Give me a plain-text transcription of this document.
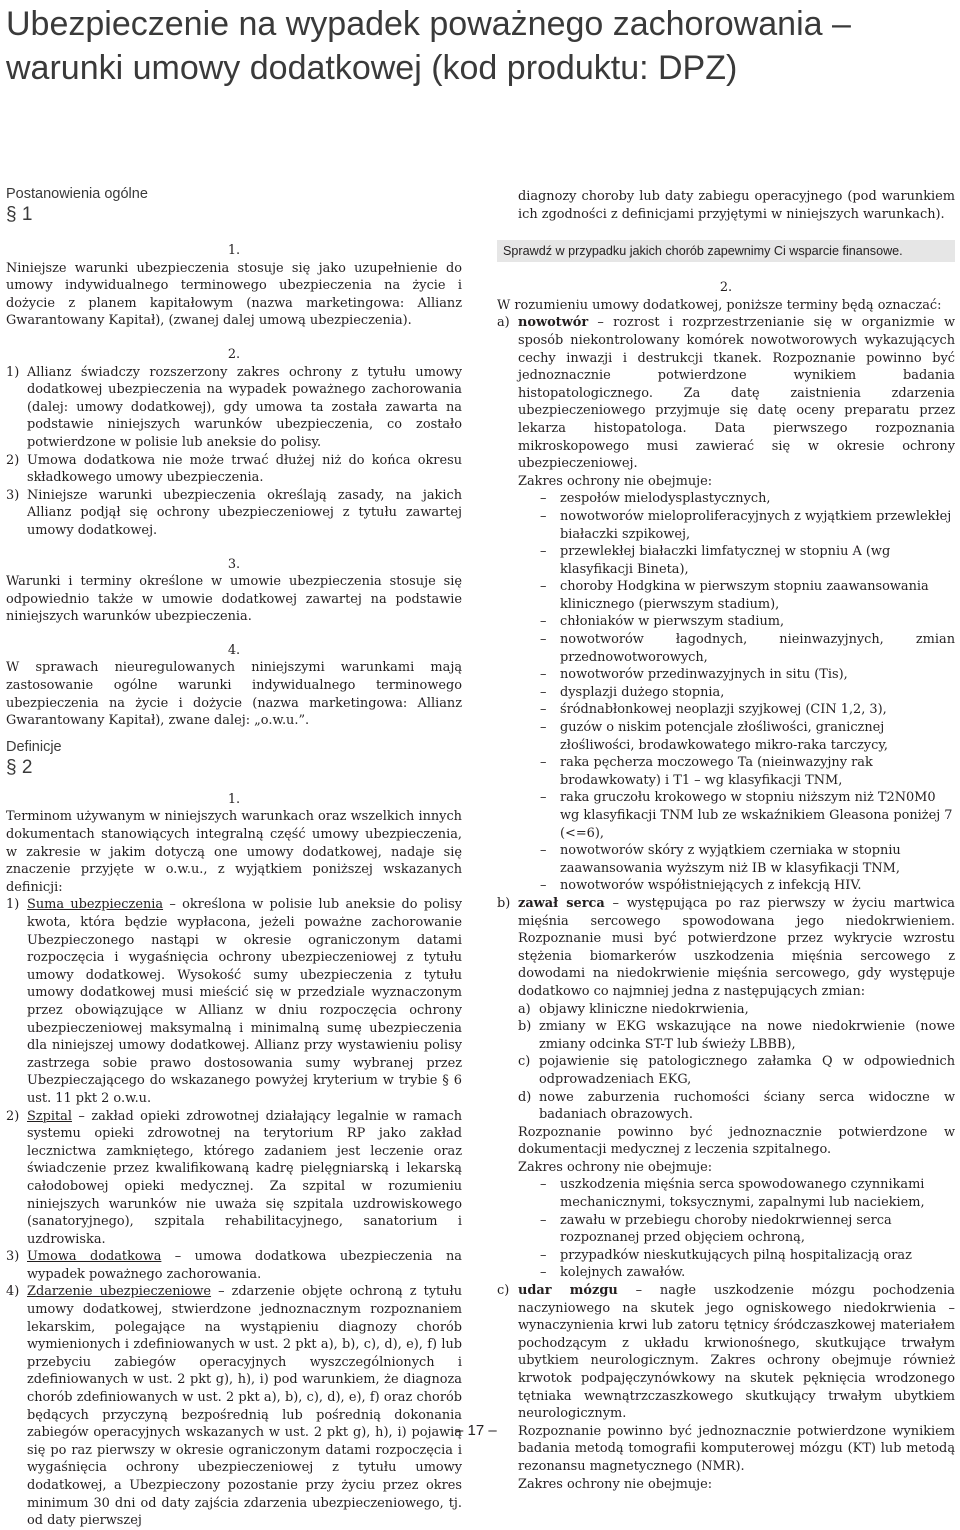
Ubezpieczenie na wypadek poważnego zachorowania – warunki umowy dodatkowej (kod produktu: DPZ)
Postanowienia ogólne
§ 1
1.

Niniejsze warunki ubezpieczenia stosuje się jako uzupełnienie do umowy indywidualnego terminowego ubezpieczenia na życie i dożycie z planem kapitałowym (nazwa marketingowa: Allianz Gwarantowany Kapitał), (zwanej dalej umową ubezpieczenia).

2.
1) Allianz świadczy rozszerzony zakres ochrony z tytułu umowy dodatkowej ubezpieczenia na wypadek poważnego zachorowania (dalej: umowy dodatkowej), gdy umowa ta została zawarta na podstawie niniejszych warunków ubezpieczenia, co zostało potwierdzone w polisie lub aneksie do polisy.
2) Umowa dodatkowa nie może trwać dłużej niż do końca okresu składkowego umowy ubezpieczenia.
3) Niniejsze warunki ubezpieczenia określają zasady, na jakich Allianz podjął się ochrony ubezpieczeniowej z tytułu zawartej umowy dodatkowej.
3.

Warunki i terminy określone w umowie ubezpieczenia stosuje się odpowiednio także w umowie dodatkowej zawartej na podstawie niniejszych warunków ubezpieczenia.

4.

W sprawach nieuregulowanych niniejszymi warunkami mają zastosowanie ogólne warunki indywidualnego terminowego ubezpieczenia na życie i dożycie (nazwa marketingowa: Allianz Gwarantowany Kapitał), zwane dalej: „o.w.u.”.

Definicje
§ 2
1.

Terminom używanym w niniejszych warunkach oraz wszelkich innych dokumentach stanowiących integralną część umowy ubezpieczenia, w zakresie w jakim dotyczą one umowy dodatkowej, nadaje się znaczenie przyjęte w o.w.u., z wyjątkiem poniższej wskazanych definicji:

1) Suma ubezpieczenia – określona w polisie lub aneksie do polisy kwota, która będzie wypłacona, jeżeli poważne zachorowanie Ubezpieczonego nastąpi w okresie ograniczonym datami rozpoczęcia i wygaśnięcia ochrony ubezpieczeniowej z tytułu umowy dodatkowej. Wysokość sumy ubezpieczenia z tytułu umowy dodatkowej musi mieścić się w przedziale wyznaczonym przez obowiązujące w Allianz w dniu rozpoczęcia ochrony ubezpieczeniowej maksymalną i minimalną sumę ubezpieczenia dla niniejszej umowy dodatkowej. Allianz przy wystawieniu polisy zastrzega sobie prawo dostosowania sumy wybranej przez Ubezpieczającego do wskazanego powyżej kryterium w trybie § 6 ust. 11 pkt 2 o.w.u.
2) Szpital – zakład opieki zdrowotnej działający legalnie w ramach systemu opieki zdrowotnej na terytorium RP jako zakład lecznictwa zamkniętego, którego zadaniem jest leczenie oraz świadczenie przez kwalifikowaną kadrę pielęgniarską i lekarską całodobowej opieki medycznej. Za szpital w rozumieniu niniejszych warunków nie uważa się szpitala uzdrowiskowego (sanatoryjnego), szpitala rehabilitacyjnego, sanatorium i uzdrowiska.
3) Umowa dodatkowa – umowa dodatkowa ubezpieczenia na wypadek poważnego zachorowania.
4) Zdarzenie ubezpieczeniowe – zdarzenie objęte ochroną z tytułu umowy dodatkowej, stwierdzone jednoznacznym rozpoznaniem lekarskim, polegające na wystąpieniu diagnozy chorób wymienionych i zdefiniowanych w ust. 2 pkt a), b), c), d), e), f) lub przebyciu zabiegów operacyjnych wyszczególnionych i zdefiniowanych w ust. 2 pkt g), h), i) pod warunkiem, że diagnoza chorób zdefiniowanych w ust. 2 pkt a), b), c), d), e), f) oraz chorób będących przyczyną bezpośrednią lub pośrednią dokonania zabiegów operacyjnych wskazanych w ust. 2 pkt g), h), i) pojawią się po raz pierwszy w okresie ograniczonym datami rozpoczęcia i wygaśnięcia ochrony ubezpieczeniowej z tytułu umowy dodatkowej, a Ubezpieczony pozostanie przy życiu przez okres minimum 30 dni od daty zajścia zdarzenia ubezpieczeniowego, tj. od daty pierwszej

diagnozy choroby lub daty zabiegu operacyjnego (pod warunkiem ich zgodności z definicjami przyjętymi w niniejszych warunkach).

Sprawdź w przypadku jakich chorób zapewnimy Ci wsparcie finansowe.
2.

W rozumieniu umowy dodatkowej, poniższe terminy będą oznaczać:

a) nowotwór – rozrost i rozprzestrzenianie się w organizmie w sposób niekontrolowany komórek nowotworowych wykazujących cechy inwazji i destrukcji tkanek. Rozpoznanie powinno być jednoznacznie potwierdzone wynikiem badania histopatologicznego. Za datę zaistnienia zdarzenia ubezpieczeniowego przyjmuje się datę oceny preparatu przez lekarza histopatologa. Data pierwszego rozpoznania mikroskopowego musi zawierać się w okresie ochrony ubezpieczeniowej.
Zakres ochrony nie obejmuje:
–	zespołów mielodysplastycznych,
–	nowotworów mieloproliferacyjnych z wyjątkiem przewlekłej białaczki szpikowej,
–	przewlekłej białaczki limfatycznej w stopniu A (wg klasyfikacji Bineta),
–	choroby Hodgkina w pierwszym stopniu zaawansowania klinicznego (pierwszym stadium),
–	chłoniaków w pierwszym stadium,
–	nowotworów łagodnych, nieinwazyjnych, zmian przednowotworowych,
–	nowotworów przedinwazyjnych in situ (Tis),
–	dysplazji dużego stopnia,
–	śródnabłonkowej neoplazji szyjkowej (CIN 1,2, 3),
–	guzów o niskim potencjale złośliwości, granicznej złośliwości, brodawkowatego mikro-raka tarczycy,
–	raka pęcherza moczowego Ta (nieinwazyjny rak brodawkowaty) i T1 – wg klasyfikacji TNM,
–	raka gruczołu krokowego w stopniu niższym niż T2N0M0 wg klasyfikacji TNM lub ze wskaźnikiem Gleasona poniżej 7 (<=6),
–	nowotworów skóry z wyjątkiem czerniaka w stopniu zaawansowania wyższym niż IB w klasyfikacji TNM,
–	nowotworów współistniejących z infekcją HIV.
b) zawał serca – występująca po raz pierwszy w życiu martwica mięśnia sercowego spowodowana jego niedokrwieniem. Rozpoznanie musi być potwierdzone przez wykrycie wzrostu stężenia biomarkerów uszkodzenia mięśnia sercowego z dowodami na niedokrwienie mięśnia sercowego, gdy występuje dodatkowo co najmniej jedna z następujących zmian:
a) objawy kliniczne niedokrwienia,
b) zmiany w EKG wskazujące na nowe niedokrwienie (nowe zmiany odcinka ST-T lub świeży LBBB),
c) pojawienie się patologicznego załamka Q w odpowiednich odprowadzeniach EKG,
d) nowe zaburzenia ruchomości ściany serca widoczne w badaniach obrazowych.

Rozpoznanie powinno być jednoznacznie potwierdzone w dokumentacji medycznej z leczenia szpitalnego.

Zakres ochrony nie obejmuje:
–	uszkodzenia mięśnia serca spowodowanego czynnikami mechanicznymi, toksycznymi, zapalnymi lub naciekiem,
–	zawału w przebiegu choroby niedokrwiennej serca rozpoznanej przed objęciem ochroną,
–	przypadków nieskutkujących pilną hospitalizacją oraz
–	kolejnych zawałów.
c) udar mózgu – nagłe uszkodzenie mózgu pochodzenia naczyniowego na skutek jego ogniskowego niedokrwienia – wynaczynienia krwi lub zatoru tętnicy śródczaszkowej materiałem pochodzącym z układu krwionośnego, skutkujące trwałym ubytkiem neurologicznym. Zakres ochrony obejmuje również krwotok podpajęczynówkowy na skutek pęknięcia wrodzonego tętniaka wewnątrzczaszkowego skutkujący trwałym ubytkiem neurologicznym.

Rozpoznanie powinno być jednoznacznie potwierdzone wynikiem badania metodą tomografii komputerowej mózgu (KT) lub metodą rezonansu magnetycznego (NMR).

Zakres ochrony nie obejmuje:
– 17 –
